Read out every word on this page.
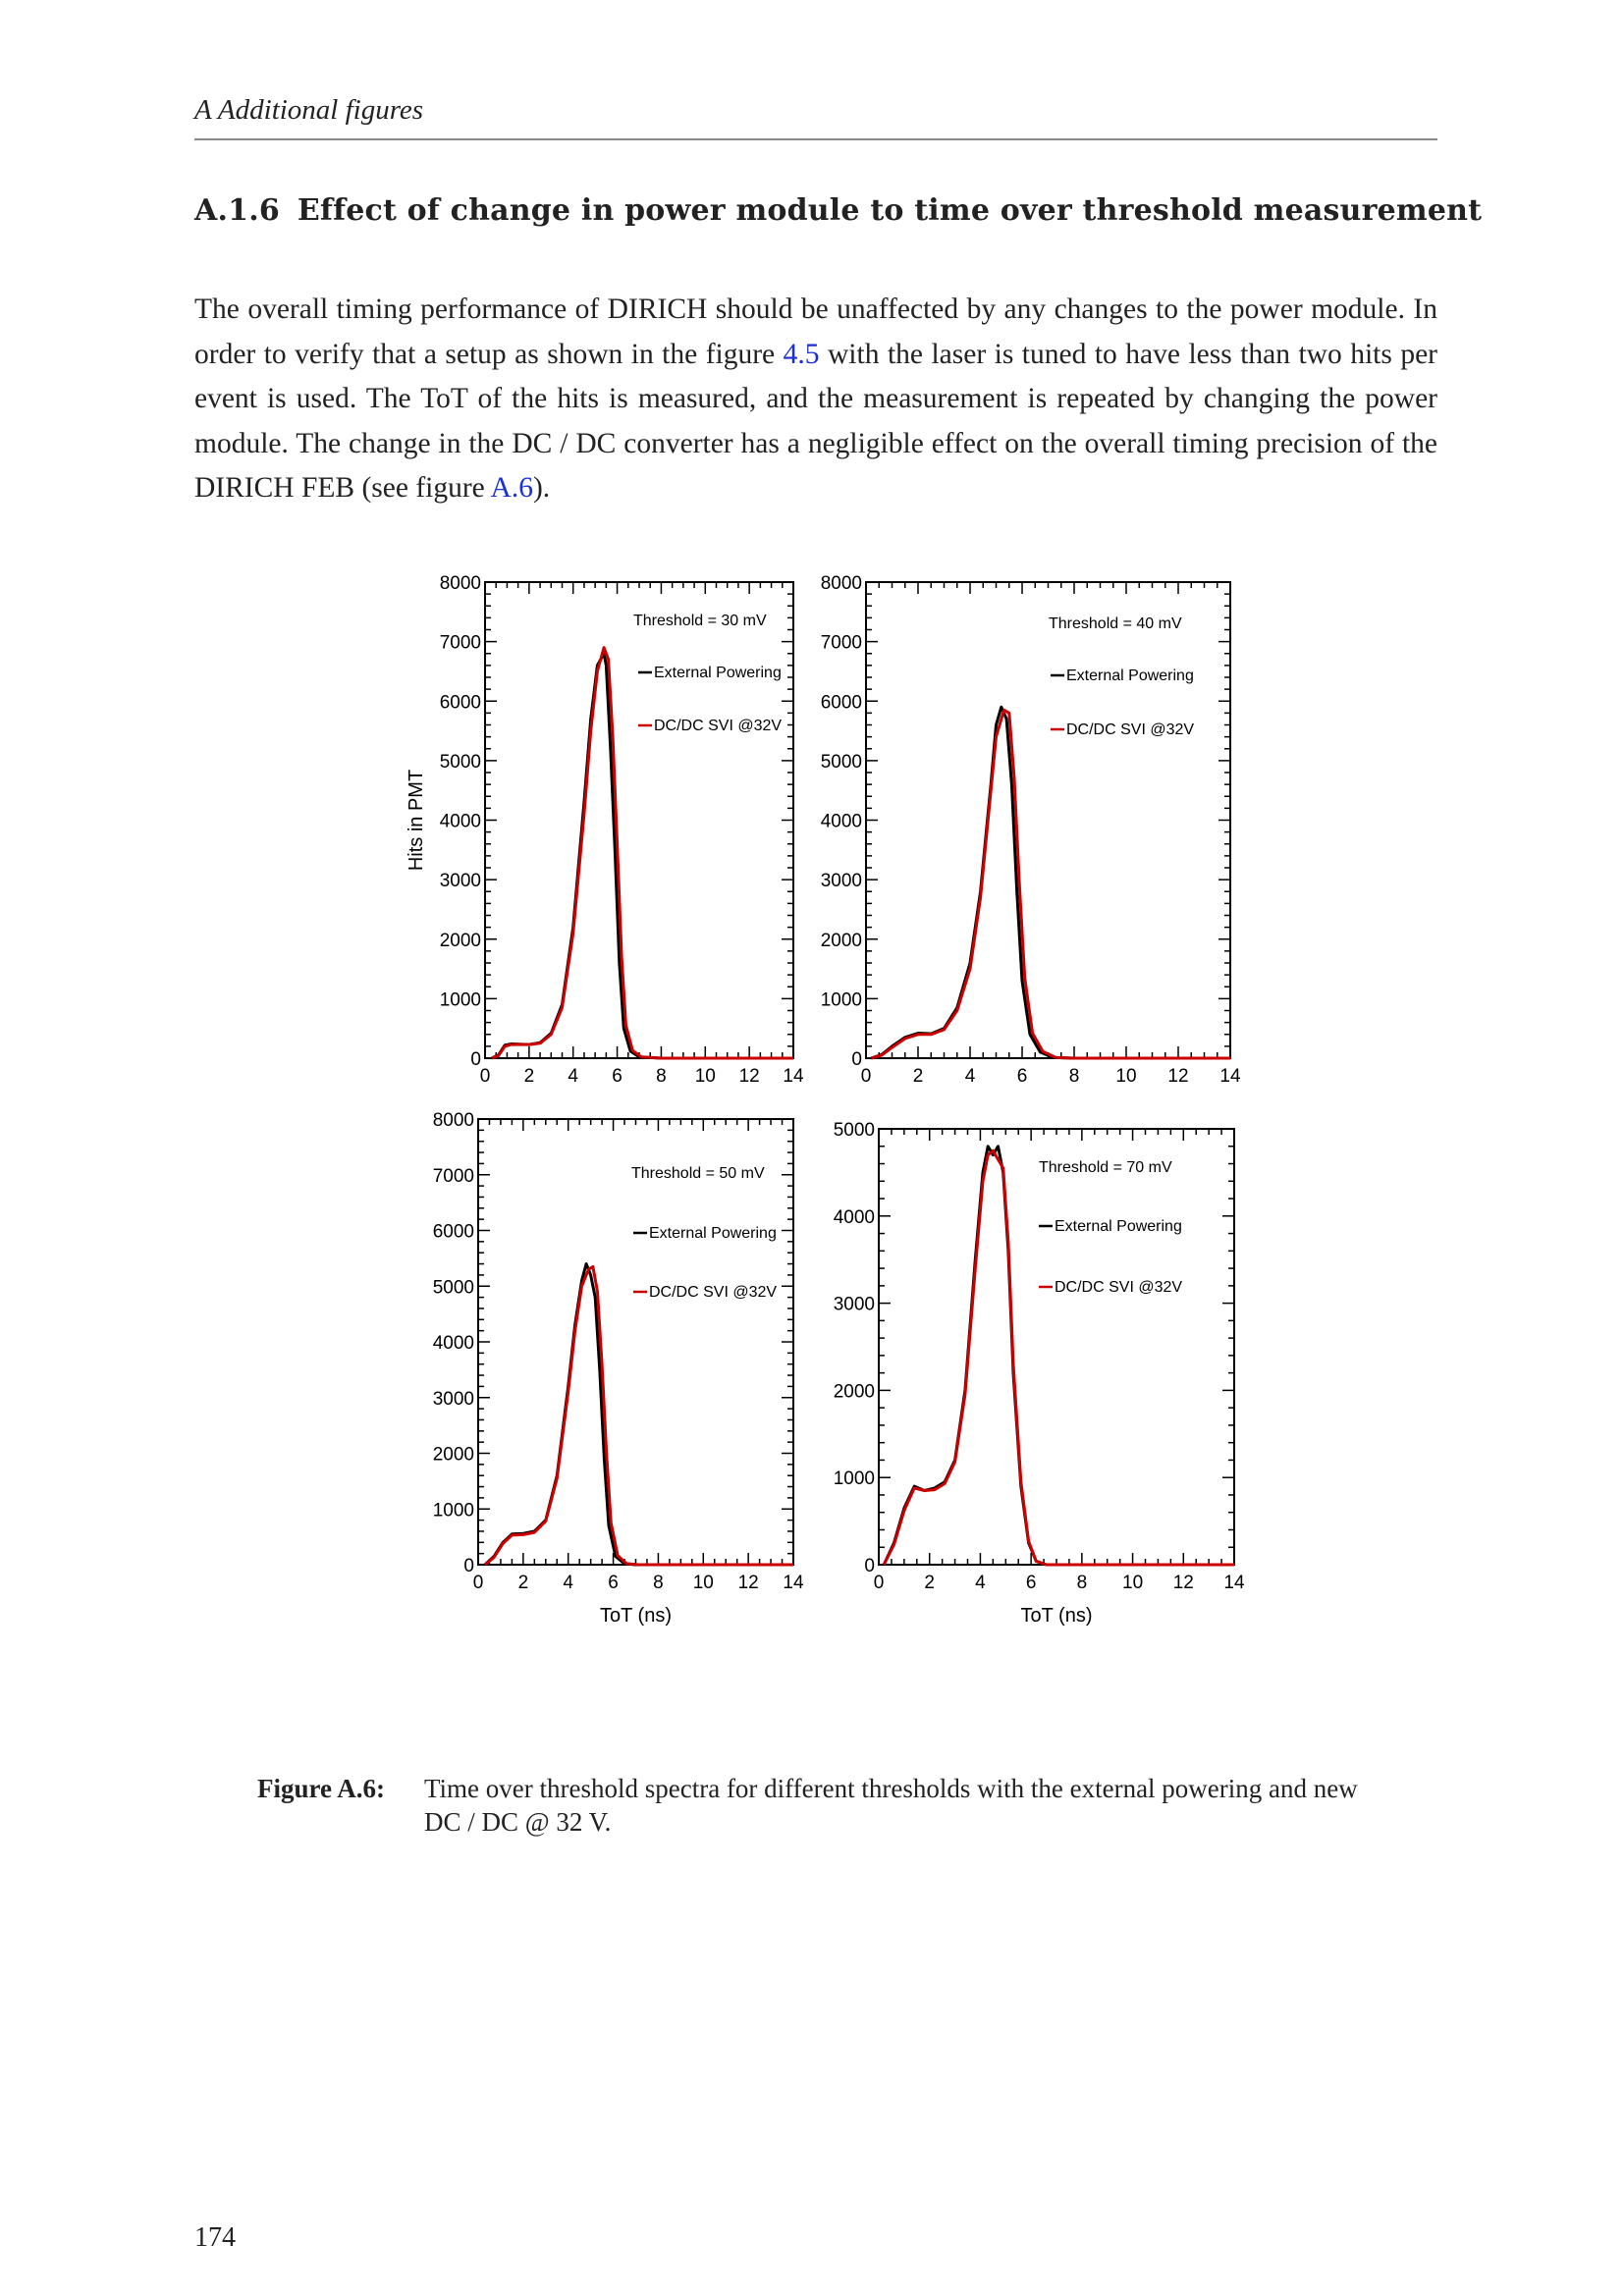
A Additional figures
A.1.6 Effect of change in power module to time over threshold measurement
The overall timing performance of DIRICH should be unaffected by any changes to the power module. In order to verify that a setup as shown in the figure 4.5 with the laser is tuned to have less than two hits per event is used. The ToT of the hits is measured, and the measurement is repeated by changing the power module. The change in the DC / DC converter has a negligible effect on the overall timing precision of the DIRICH FEB (see figure A.6).
0 2 4 6 8 10 12 14
0
1000
2000
3000
4000
5000
6000
7000
8000
Threshold = 30 mV
External Powering
DC/DC SVI @32V
Hits in PMT
0 2 4 6 8 10 12 14
0
1000
2000
3000
4000
5000
6000
7000
8000
Threshold = 40 mV
External Powering
DC/DC SVI @32V
0 2 4 6 8 10 12 14
0
1000
2000
3000
4000
5000
6000
7000
8000
Threshold = 50 mV
External Powering
DC/DC SVI @32V
ToT (ns)
0 2 4 6 8 10 12 14
0
1000
2000
3000
4000
5000
Threshold = 70 mV
External Powering
DC/DC SVI @32V
ToT (ns)
Figure A.6: Time over threshold spectra for different thresholds with the external powering and new DC / DC @ 32 V.
174
